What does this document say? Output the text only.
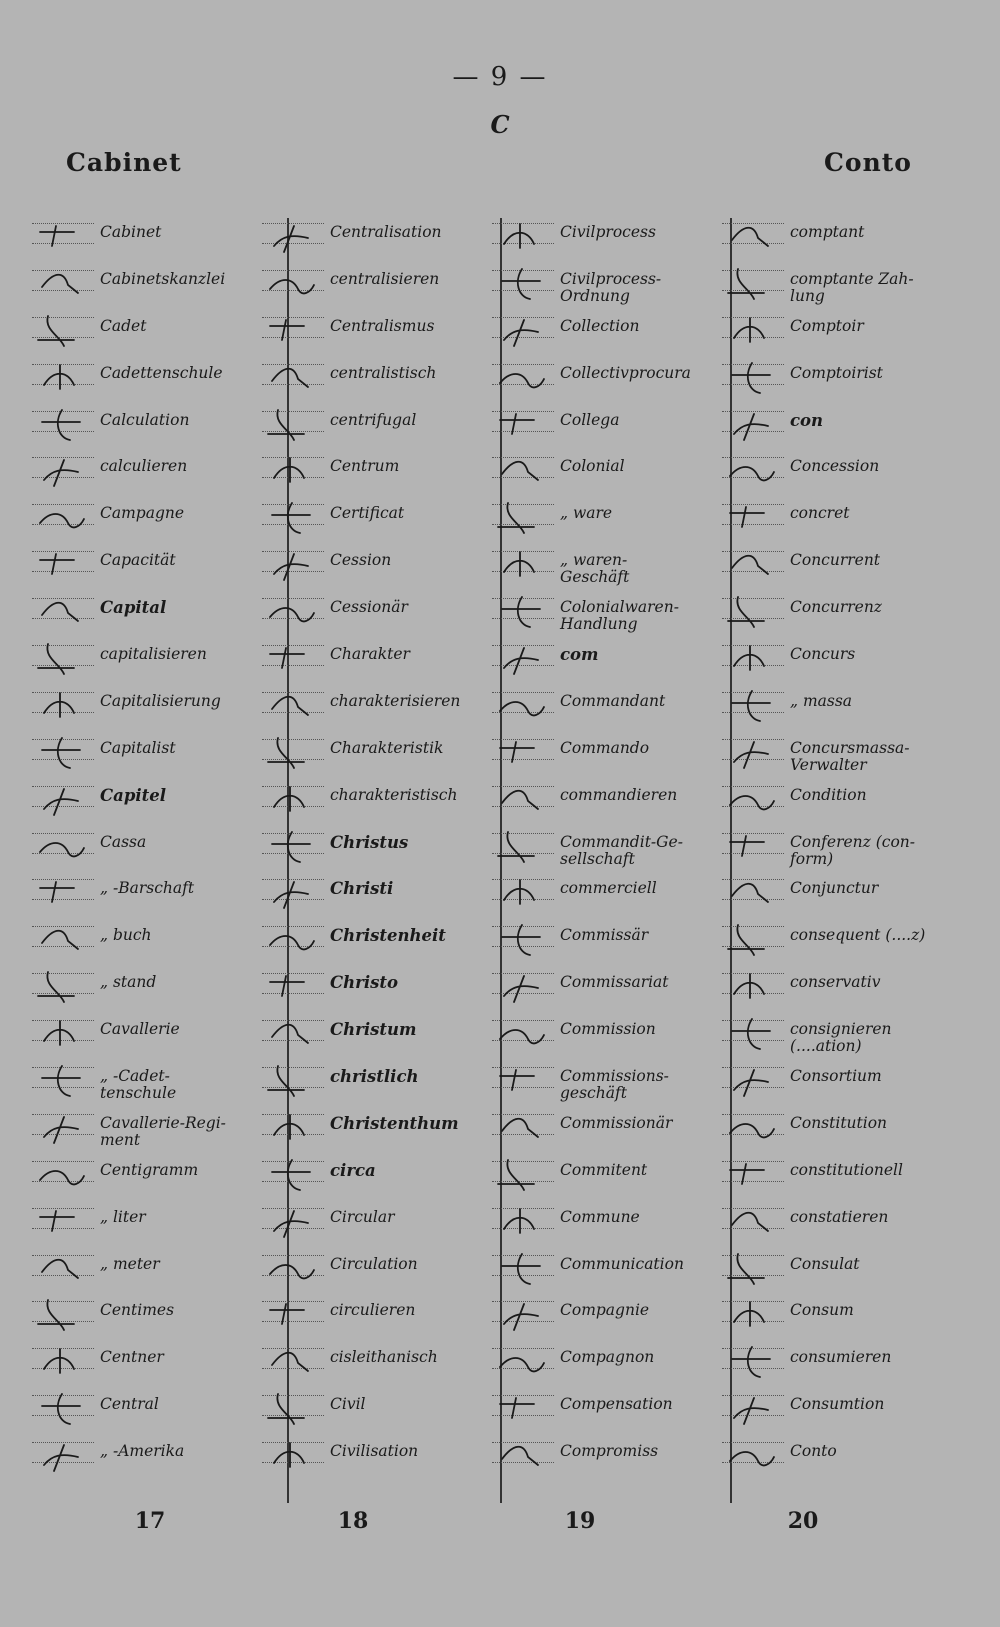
— 9 —
C
Cabinet	Conto
Cabinet
Cabinetskanzlei
Cadet
Cadettenschule
Calculation
calculieren
Campagne
Capacität
Capital
capitalisieren
Capitalisierung
Capitalist
Capitel
Cassa
„ -Barschaft
„ buch
„ stand
Cavallerie
„ -Cadet-
tenschule
Cavallerie-Regi-
ment
Centigramm
„ liter
„ meter
Centimes
Centner
Central
„ -Amerika
Centralisation
centralisieren
Centralismus
centralistisch
centrifugal
Centrum
Certificat
Cession
Cessionär
Charakter
charakterisieren
Charakteristik
charakteristisch
Christus
Christi
Christenheit
Christo
Christum
christlich
Christenthum
circa
Circular
Circulation
circulieren
cisleithanisch
Civil
Civilisation
Civilprocess
Civilprocess-
Ordnung
Collection
Collectivprocura
Collega
Colonial
„ ware
„ waren-
Geschäft
Colonialwaren-
Handlung
com
Commandant
Commando
commandieren
Commandit-Ge-
sellschaft
commerciell
Commissär
Commissariat
Commission
Commissions-
geschäft
Commissionär
Commitent
Commune
Communication
Compagnie
Compagnon
Compensation
Compromiss
comptant
comptante Zah-
lung
Comptoir
Comptoirist
con
Concession
concret
Concurrent
Concurrenz
Concurs
„ massa
Concursmassa-
Verwalter
Condition
Conferenz (con-
form)
Conjunctur
consequent (....z)
conservativ
consignieren
(....ation)
Consortium
Constitution
constitutionell
constatieren
Consulat
Consum
consumieren
Consumtion
Conto
17	18	19	20
